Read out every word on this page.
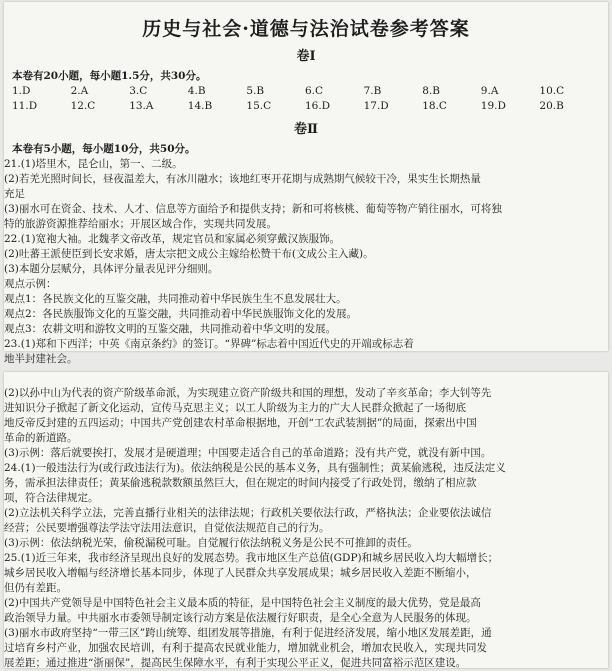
历史与社会·道德与法治试卷参考答案
卷Ⅰ
本卷有20小题，每小题1.5分，共30分。
1.D	2.A	3.C	4.B	5.B	6.C	7.B	8.B	9.A	10.C
11.D	12.C	13.A	14.B	15.C	16.D	17.D	18.C	19.D	20.B
卷Ⅱ
本卷有5小题，每小题10分，共50分。

21.(1)塔里木，昆仑山，第一、二级。

(2)若羌光照时间长，昼夜温差大，有冰川融水；该地红枣开花期与成熟期气候较干冷，果实生长期热量

充足

(3)丽水可在资金、技术、人才、信息等方面给予和提供支持；新和可将核桃、葡萄等物产销往丽水，可将独

特的旅游资源推荐给丽水；开展区域合作，实现共同发展。

22.(1)宽袍大袖。北魏孝文帝改革，规定官员和家属必须穿戴汉族服饰。

(2)吐蕃王派使臣到长安求婚，唐太宗把文成公主嫁给松赞干布(文成公主入藏)。

(3)本题分层赋分，具体评分量表见评分细则。

观点示例：

观点1：各民族文化的互鉴交融，共同推动着中华民族生生不息发展壮大。

观点2：各民族服饰文化的互鉴交融，共同推动着中华民族服饰文化的发展。

观点3：农耕文明和游牧文明的互鉴交融，共同推动着中华文明的发展。

23.(1)郑和下西洋；中英《南京条约》的签订。“界碑”标志着中国近代史的开端或标志着

地半封建社会。

(2)以孙中山为代表的资产阶级革命派，为实现建立资产阶级共和国的理想，发动了辛亥革命；李大钊等先

进知识分子掀起了新文化运动，宣传马克思主义；以工人阶级为主力的广大人民群众掀起了一场彻底

地反帝反封建的五四运动；中国共产党创建农村革命根据地，开创“工农武装割据”的局面，探索出中国

革命的新道路。

(3)示例：落后就要挨打，发展才是硬道理；中国要走适合自己的革命道路；没有共产党，就没有新中国。

24.(1)一般违法行为(或行政违法行为)。依法纳税是公民的基本义务，具有强制性；黄某偷逃税，违反法定义

务，需承担法律责任；黄某偷逃税款数额虽然巨大，但在规定的时间内接受了行政处罚，缴纳了相应款

项，符合法律规定。

(2)立法机关科学立法，完善直播行业相关的法律法规；行政机关要依法行政，严格执法；企业要依法诚信

经营；公民要增强尊法学法守法用法意识，自觉依法规范自己的行为。

(3)示例：依法纳税光荣，偷税漏税可耻。自觉履行依法纳税义务是公民不可推卸的责任。

25.(1)近三年来，我市经济呈现出良好的发展态势。我市地区生产总值(GDP)和城乡居民收入均大幅增长；

城乡居民收入增幅与经济增长基本同步，体现了人民群众共享发展成果；城乡居民收入差距不断缩小，

但仍有差距。

(2)中国共产党领导是中国特色社会主义最本质的特征，是中国特色社会主义制度的最大优势，党是最高

政治领导力量。中共丽水市委领导制定该行动方案是依法履行好职责，是全心全意为人民服务的体现。

(3)丽水市政府坚持“一带三区”跨山统筹、组团发展等措施，有利于促进经济发展，缩小地区发展差距，通

过培育乡村产业，加强农民培训，有利于提高农民就业能力，增加就业机会，增加农民收入，实现共同发

展差距；通过推进“浙丽保”，提高民生保障水平，有利于实现公平正义，促进共同富裕示范区建设。
